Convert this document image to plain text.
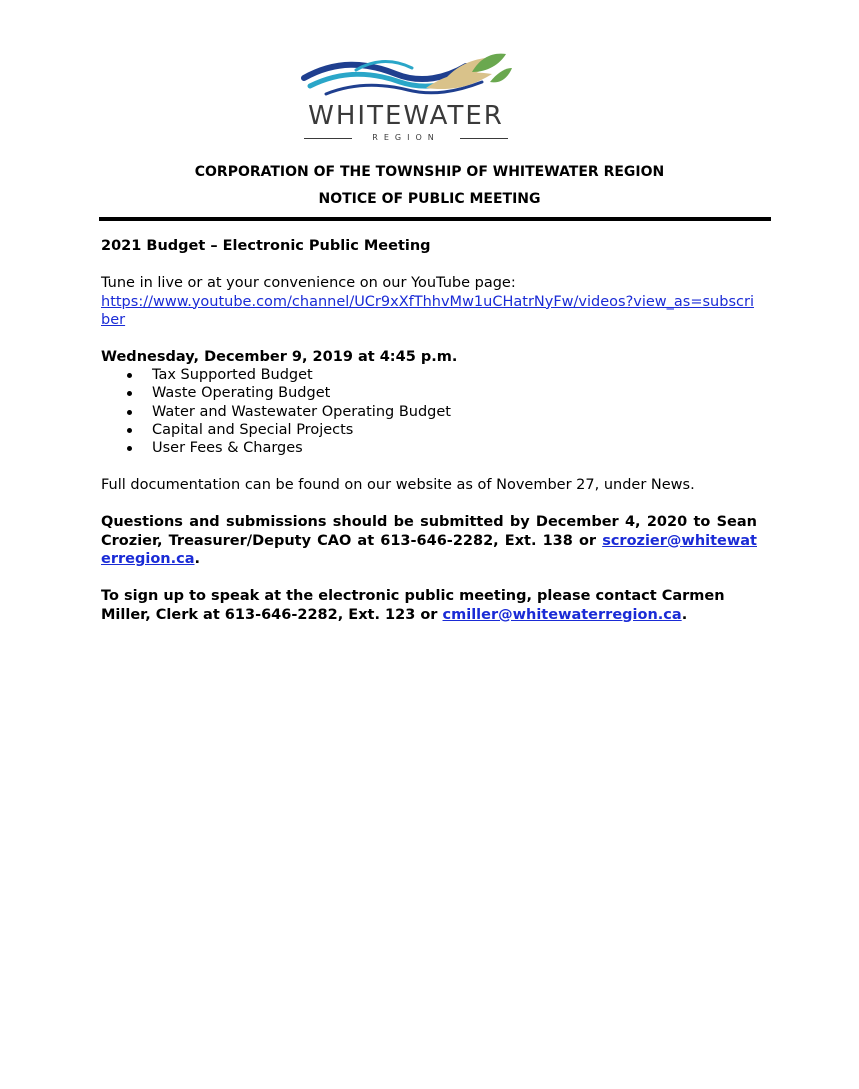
WHITEWATER
REGION
CORPORATION OF THE TOWNSHIP OF WHITEWATER REGION
NOTICE OF PUBLIC MEETING
2021 Budget – Electronic Public Meeting
Tune in live or at your convenience on our YouTube page:
https://www.youtube.com/channel/UCr9xXfThhvMw1uCHatrNyFw/videos?view_as=subscriber
Wednesday, December 9, 2019 at 4:45 p.m.
Tax Supported Budget
Waste Operating Budget
Water and Wastewater Operating Budget
Capital and Special Projects
User Fees & Charges
Full documentation can be found on our website as of November 27, under News.
Questions and submissions should be submitted by December 4, 2020 to Sean Crozier, Treasurer/Deputy CAO at 613-646-2282, Ext. 138 or scrozier@whitewaterregion.ca.
To sign up to speak at the electronic public meeting, please contact Carmen Miller, Clerk at 613-646-2282, Ext. 123 or cmiller@whitewaterregion.ca.
